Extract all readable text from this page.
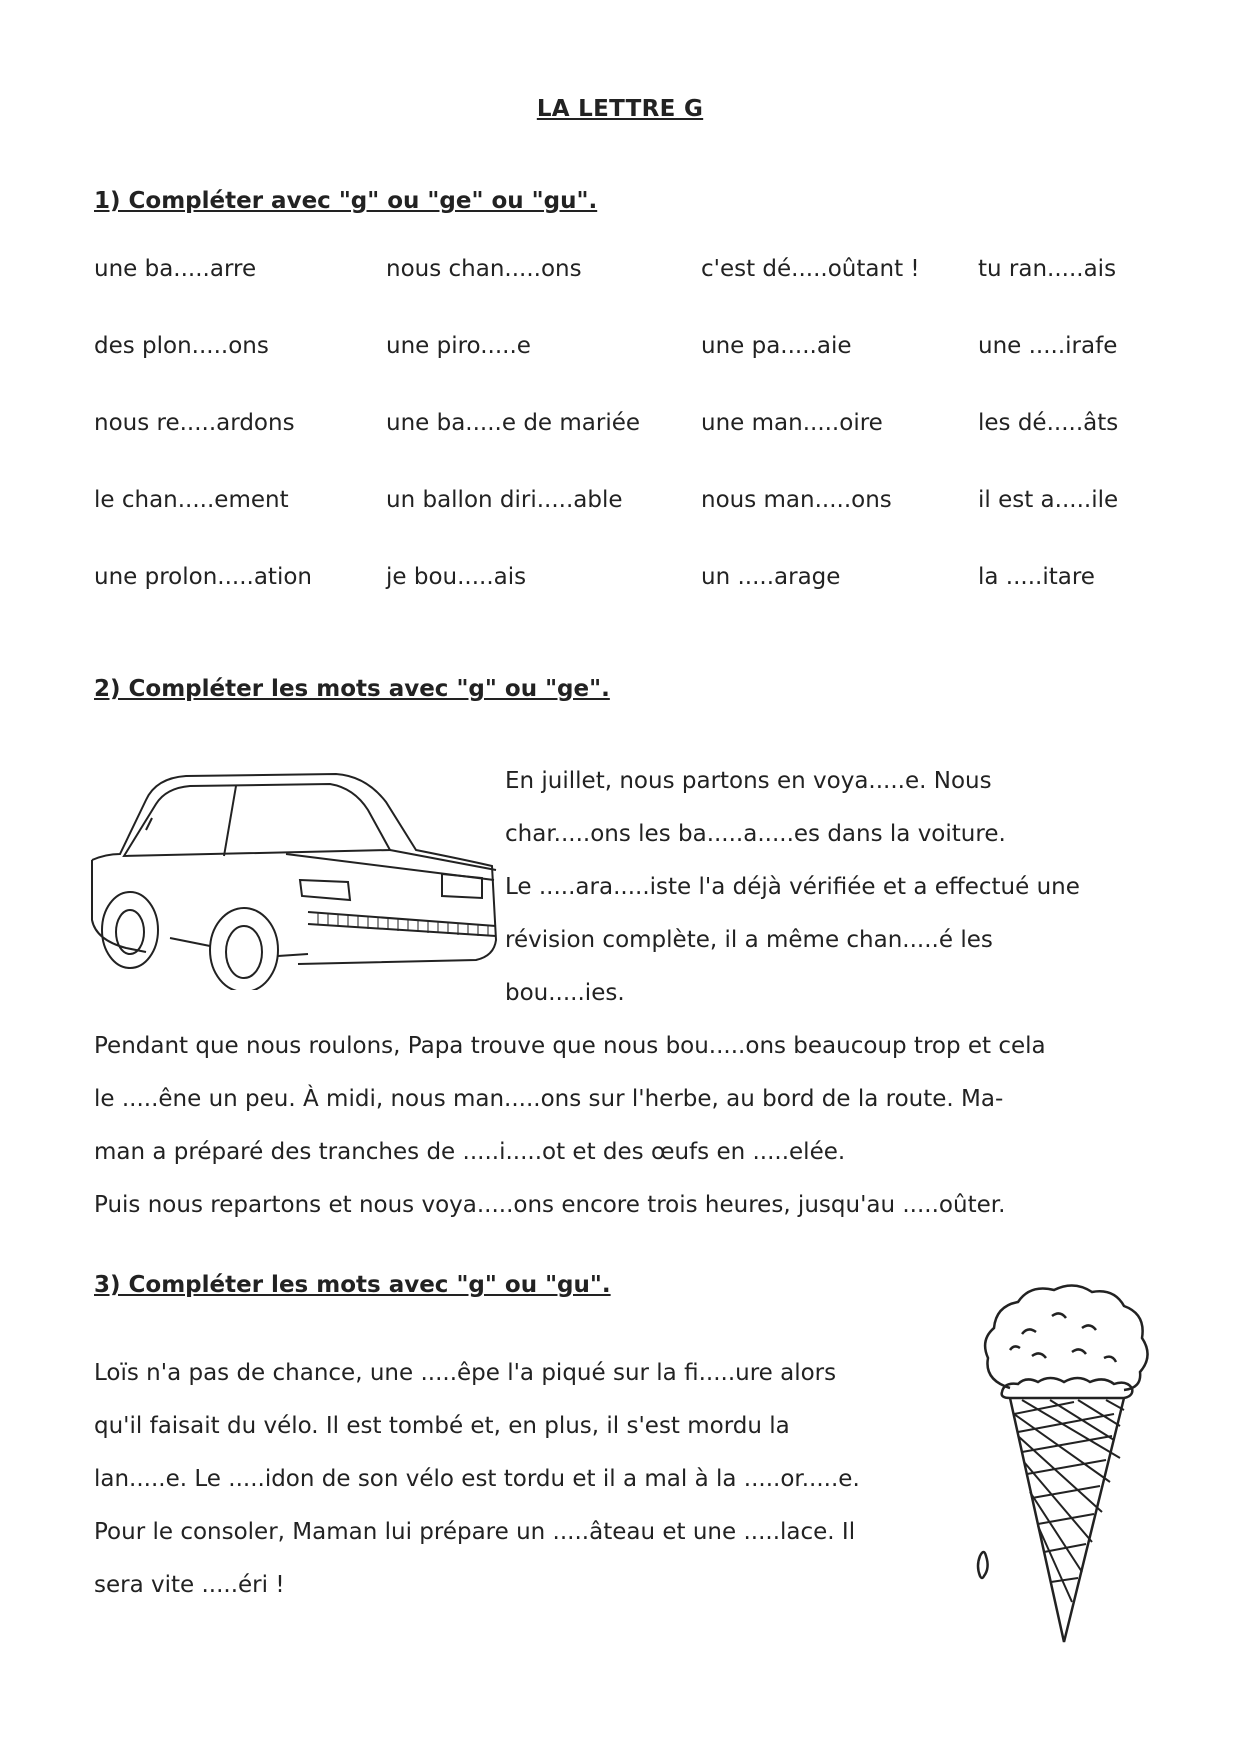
LA LETTRE G
1) Compléter avec "g" ou "ge" ou "gu".
une ba.....arre	nous chan.....ons	c'est dé.....oûtant !	tu ran.....ais
des plon.....ons	une piro.....e	une pa.....aie	une .....irafe
nous re.....ardons	une ba.....e de mariée	une man.....oire	les dé.....âts
le chan.....ement	un ballon diri.....able	nous man.....ons	il est a.....ile
une prolon.....ation	je bou.....ais	un .....arage	la .....itare
2) Compléter les mots avec "g" ou "ge".
En juillet, nous partons en voya.....e. Nous
char.....ons les ba.....a.....es dans la voiture.
Le .....ara.....iste l'a déjà vérifiée et a effectué une
révision complète, il a même chan.....é les
bou.....ies.
Pendant que nous roulons, Papa trouve que nous bou.....ons beaucoup trop et cela
le .....êne un peu. À midi, nous man.....ons sur l'herbe, au bord de la route. Ma-
man a préparé des tranches de .....i.....ot et des œufs en .....elée.
Puis nous repartons et nous voya.....ons encore trois heures, jusqu'au .....oûter.
3) Compléter les mots avec "g" ou "gu".
Loïs n'a pas de chance, une .....êpe l'a piqué sur la fi.....ure alors
qu'il faisait du vélo. Il est tombé et, en plus, il s'est mordu la
lan.....e. Le .....idon de son vélo est tordu et il a mal à la .....or.....e.
Pour le consoler, Maman lui prépare un .....âteau et une .....lace. Il
sera vite .....éri !
